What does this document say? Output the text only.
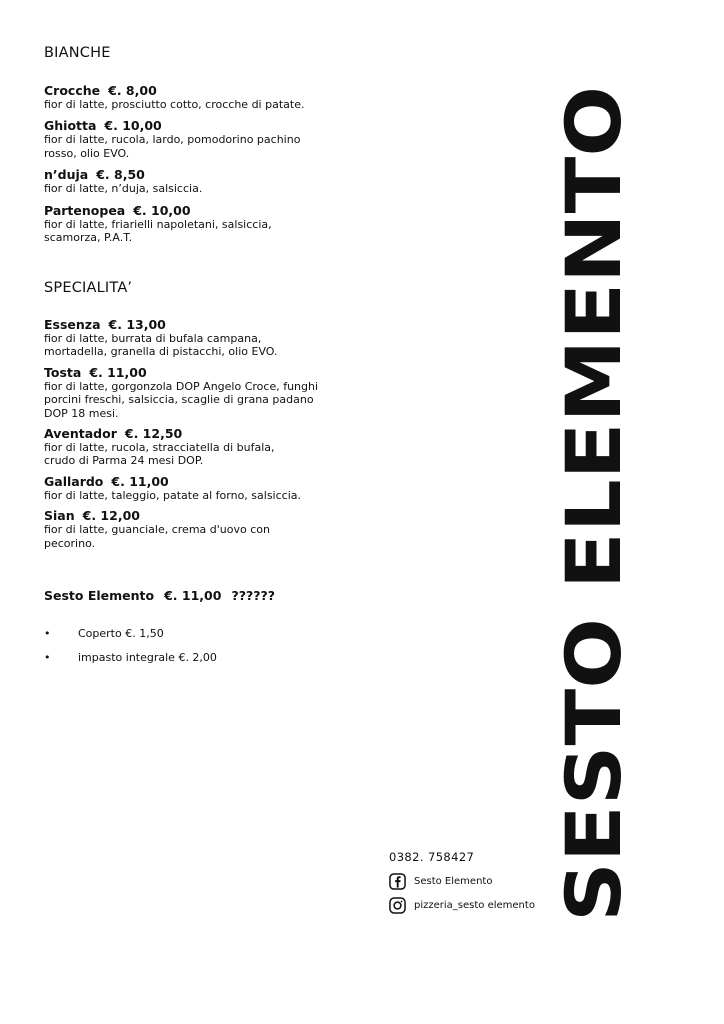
BIANCHE
Crocche €. 8,00
fior di latte, prosciutto cotto, crocche di patate.
Ghiotta €. 10,00
fior di latte, rucola, lardo, pomodorino pachino
rosso, olio EVO.
n’duja €. 8,50
fior di latte, n’duja, salsiccia.
Partenopea €. 10,00
fior di latte, friarielli napoletani, salsiccia,
scamorza, P.A.T.
SPECIALITA’
Essenza €. 13,00
fior di latte, burrata di bufala campana,
mortadella, granella di pistacchi, olio EVO.
Tosta €. 11,00
fior di latte, gorgonzola DOP Angelo Croce, funghi
porcini freschi, salsiccia, scaglie di grana padano
DOP 18 mesi.
Aventador €. 12,50
fior di latte, rucola, stracciatella di bufala,
crudo di Parma 24 mesi DOP.
Gallardo €. 11,00
fior di latte, taleggio, patate al forno, salsiccia.
Sian €. 12,00
fior di latte, guanciale, crema d'uovo con
pecorino.
Sesto Elemento €. 11,00 ??????
•	Coperto €. 1,50
•	impasto integrale €. 2,00
0382. 758427
Sesto Elemento
pizzeria_sesto elemento SESTO ELEMENTO
